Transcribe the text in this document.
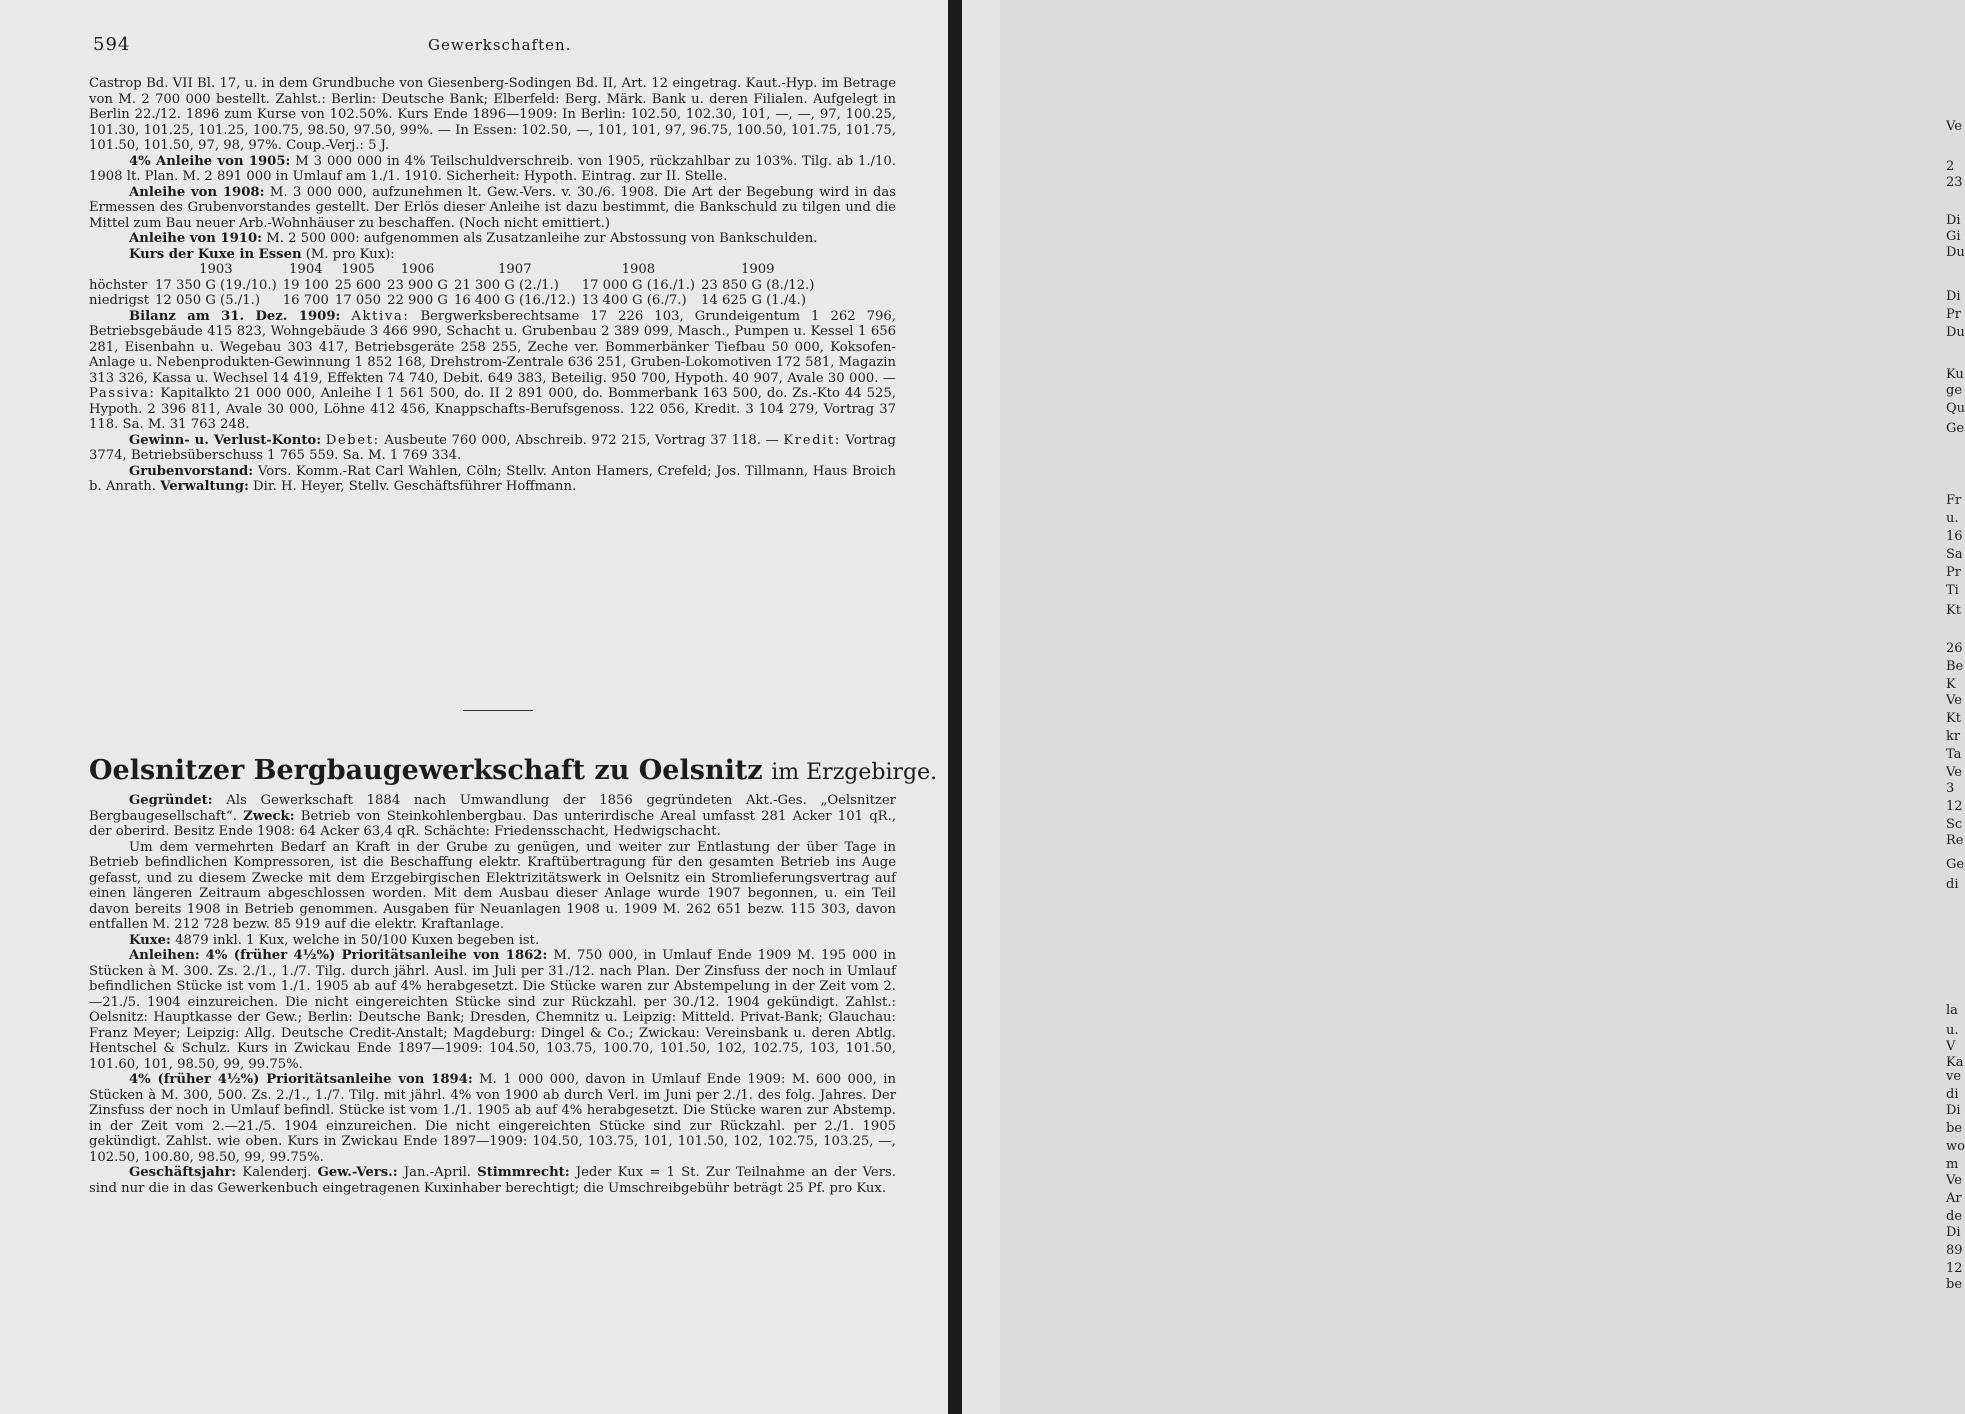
594	Gewerkschaften.

Castrop Bd. VII Bl. 17, u. in dem Grundbuche von Giesenberg-Sodingen Bd. II, Art. 12 eingetrag. Kaut.-Hyp. im Betrage von M. 2 700 000 bestellt. Zahlst.: Berlin: Deutsche Bank; Elberfeld: Berg. Märk. Bank u. deren Filialen. Aufgelegt in Berlin 22./12. 1896 zum Kurse von 102.50%. Kurs Ende 1896—1909: In Berlin: 102.50, 102.30, 101, —, —, 97, 100.25, 101.30, 101.25, 101.25, 100.75, 98.50, 97.50, 99%. — In Essen: 102.50, —, 101, 101, 97, 96.75, 100.50, 101.75, 101.75, 101.50, 101.50, 97, 98, 97%. Coup.-Verj.: 5 J.

4% Anleihe von 1905: M 3 000 000 in 4% Teilschuldverschreib. von 1905, rückzahlbar zu 103%. Tilg. ab 1./10. 1908 lt. Plan. M. 2 891 000 in Umlauf am 1./1. 1910. Sicherheit: Hypoth. Eintrag. zur II. Stelle.

Anleihe von 1908: M. 3 000 000, aufzunehmen lt. Gew.-Vers. v. 30./6. 1908. Die Art der Begebung wird in das Ermessen des Grubenvorstandes gestellt. Der Erlös dieser Anleihe ist dazu bestimmt, die Bankschuld zu tilgen und die Mittel zum Bau neuer Arb.-Wohnhäuser zu beschaffen. (Noch nicht emittiert.)

Anleihe von 1910: M. 2 500 000: aufgenommen als Zusatzanleihe zur Abstossung von Bankschulden.

Kurs der Kuxe in Essen (M. pro Kux):

	1903	1904	1905	1906	1907	1908	1909
höchster	17 350 G (19./10.)	19 100	25 600	23 900 G	21 300 G (2./1.)	17 000 G (16./1.)	23 850 G (8./12.)
niedrigst	12 050 G (5./1.)	16 700	17 050	22 900 G	16 400 G (16./12.)	13 400 G (6./7.)	14 625 G (1./4.)

Bilanz am 31. Dez. 1909: Aktiva: Bergwerksberechtsame 17 226 103, Grundeigentum 1 262 796, Betriebsgebäude 415 823, Wohngebäude 3 466 990, Schacht u. Grubenbau 2 389 099, Masch., Pumpen u. Kessel 1 656 281, Eisenbahn u. Wegebau 303 417, Betriebsgeräte 258 255, Zeche ver. Bommerbänker Tiefbau 50 000, Koksofen-Anlage u. Nebenprodukten-Gewinnung 1 852 168, Drehstrom-Zentrale 636 251, Gruben-Lokomotiven 172 581, Magazin 313 326, Kassa u. Wechsel 14 419, Effekten 74 740, Debit. 649 383, Beteilig. 950 700, Hypoth. 40 907, Avale 30 000. — Passiva: Kapitalkto 21 000 000, Anleihe I 1 561 500, do. II 2 891 000, do. Bommerbank 163 500, do. Zs.-Kto 44 525, Hypoth. 2 396 811, Avale 30 000, Löhne 412 456, Knappschafts-Berufsgenoss. 122 056, Kredit. 3 104 279, Vortrag 37 118. Sa. M. 31 763 248.

Gewinn- u. Verlust-Konto: Debet: Ausbeute 760 000, Abschreib. 972 215, Vortrag 37 118. — Kredit: Vortrag 3774, Betriebsüberschuss 1 765 559. Sa. M. 1 769 334.

Grubenvorstand: Vors. Komm.-Rat Carl Wahlen, Cöln; Stellv. Anton Hamers, Crefeld; Jos. Tillmann, Haus Broich b. Anrath. Verwaltung: Dir. H. Heyer, Stellv. Geschäftsführer Hoffmann.

Oelsnitzer Bergbaugewerkschaft zu Oelsnitz im Erzgebirge.

Gegründet: Als Gewerkschaft 1884 nach Umwandlung der 1856 gegründeten Akt.-Ges. „Oelsnitzer Bergbaugesellschaft“. Zweck: Betrieb von Steinkohlenbergbau. Das unterirdische Areal umfasst 281 Acker 101 qR., der oberird. Besitz Ende 1908: 64 Acker 63,4 qR. Schächte: Friedensschacht, Hedwigschacht.

Um dem vermehrten Bedarf an Kraft in der Grube zu genügen, und weiter zur Entlastung der über Tage in Betrieb befindlichen Kompressoren, ist die Beschaffung elektr. Kraftübertragung für den gesamten Betrieb ins Auge gefasst, und zu diesem Zwecke mit dem Erzgebirgischen Elektrizitätswerk in Oelsnitz ein Stromlieferungsvertrag auf einen längeren Zeitraum abgeschlossen worden. Mit dem Ausbau dieser Anlage wurde 1907 begonnen, u. ein Teil davon bereits 1908 in Betrieb genommen. Ausgaben für Neuanlagen 1908 u. 1909 M. 262 651 bezw. 115 303, davon entfallen M. 212 728 bezw. 85 919 auf die elektr. Kraftanlage.

Kuxe: 4879 inkl. 1 Kux, welche in 50/100 Kuxen begeben ist.

Anleihen: 4% (früher 4½%) Prioritätsanleihe von 1862: M. 750 000, in Umlauf Ende 1909 M. 195 000 in Stücken à M. 300. Zs. 2./1., 1./7. Tilg. durch jährl. Ausl. im Juli per 31./12. nach Plan. Der Zinsfuss der noch in Umlauf befindlichen Stücke ist vom 1./1. 1905 ab auf 4% herabgesetzt. Die Stücke waren zur Abstempelung in der Zeit vom 2.—21./5. 1904 einzureichen. Die nicht eingereichten Stücke sind zur Rückzahl. per 30./12. 1904 gekündigt. Zahlst.: Oelsnitz: Hauptkasse der Gew.; Berlin: Deutsche Bank; Dresden, Chemnitz u. Leipzig: Mitteld. Privat-Bank; Glauchau: Franz Meyer; Leipzig: Allg. Deutsche Credit-Anstalt; Magdeburg: Dingel & Co.; Zwickau: Vereinsbank u. deren Abtlg. Hentschel & Schulz. Kurs in Zwickau Ende 1897—1909: 104.50, 103.75, 100.70, 101.50, 102, 102.75, 103, 101.50, 101.60, 101, 98.50, 99, 99.75%.

4% (früher 4½%) Prioritätsanleihe von 1894: M. 1 000 000, davon in Umlauf Ende 1909: M. 600 000, in Stücken à M. 300, 500. Zs. 2./1., 1./7. Tilg. mit jährl. 4% von 1900 ab durch Verl. im Juni per 2./1. des folg. Jahres. Der Zinsfuss der noch in Umlauf befindl. Stücke ist vom 1./1. 1905 ab auf 4% herabgesetzt. Die Stücke waren zur Abstemp. in der Zeit vom 2.—21./5. 1904 einzureichen. Die nicht eingereichten Stücke sind zur Rückzahl. per 2./1. 1905 gekündigt. Zahlst. wie oben. Kurs in Zwickau Ende 1897—1909: 104.50, 103.75, 101, 101.50, 102, 102.75, 103.25, —, 102.50, 100.80, 98.50, 99, 99.75%.

Geschäftsjahr: Kalenderj. Gew.-Vers.: Jan.-April. Stimmrecht: Jeder Kux = 1 St. Zur Teilnahme an der Vers. sind nur die in das Gewerkenbuch eingetragenen Kuxinhaber berechtigt; die Umschreibgebühr beträgt 25 Pf. pro Kux.

Ve
2
23
Di
Gi
Du
Di
Pr
Du
Ku
ge
Qu
Ge
Fr
u.
16
Sa
Pr
Ti
Kt
26
Be
K
Ve
Kt
kr
Ta
Ve
3
12
Sc
Re
Ge
di
la
u.
V
Ka
ve
di
Di
be
wo
m
Ve
Ar
de
Di
89
12
be
